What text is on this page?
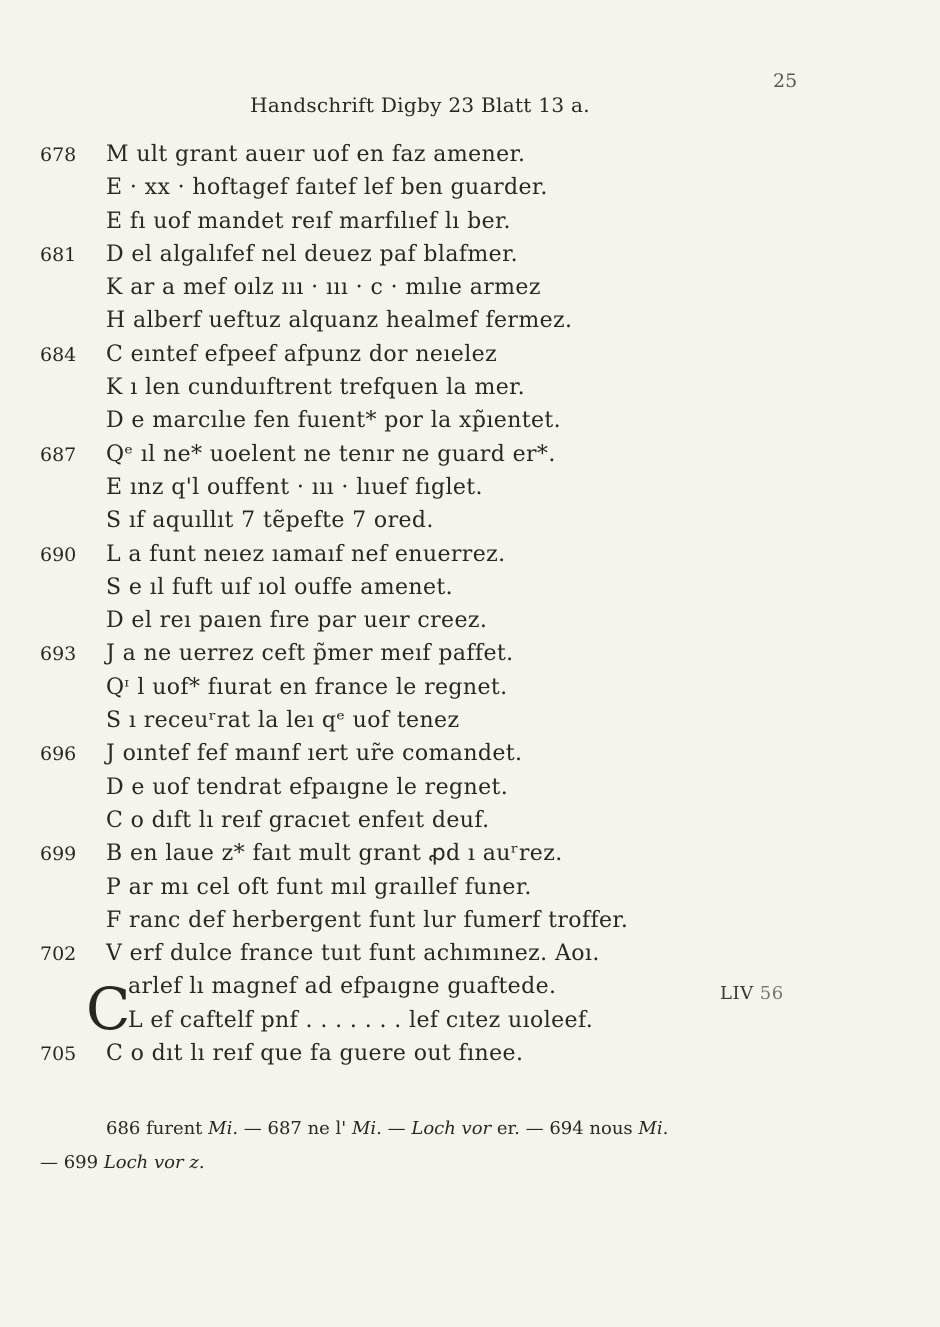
25
Handschrift Digby 23 Blatt 13 a.
678 M ult grant aueır uof en faz amener.
E · xx · hoftagef faıtef lef ben guarder.
E fı uof mandet reıf marfılıef lı ber.
681 D el algalıfef nel deuez paf blafmer.
K ar a mef oılz ııı · ııı · c · mılıe armez
H alberf ueftuz alquanz healmef fermez.
684 C eıntef efpeef afpunz dor neıelez
K ı len cunduıftrent trefquen la mer.
D e marcılıe fen fuıent* por la xp̃ıentet.
687 Qᵉ ıl ne* uoelent ne tenır ne guard er*.
E ınz q'l ouffent · ııı · lıuef fıglet.
S ıf aquıllıt 7 tẽpefte 7 ored.
690 L a funt neıez ıamaıf nef enuerrez.
S e ıl fuft uıf ıol ouffe amenet.
D el reı paıen fıre par ueır creez.
693 J a ne uerrez ceft p̃mer meıf paffet.
Qᶦ l uof* fıurat en france le regnet.
S ı receuʳrat la leı qᵉ uof tenez
696 J oıntef fef maınf ıert ur̃e comandet.
D e uof tendrat efpaıgne le regnet.
C o dıft lı reıf gracıet enfeıt deuf.
699 B en laue z* faıt mult grant ꝓd ı auʳrez.
P ar mı cel oft funt mıl graıllef funer.
F ranc def herbergent funt lur fumerf troffer.
702 V erf dulce france tuıt funt achımınez. Aoı.
arlef lı magnef ad efpaıgne guaftede.
L ef caftelf pnf . . . . . . . lef cıtez uıoleef.
705 C o dıt lı reıf que fa guere out fınee.
C	LIV 56
686 furent Mi. — 687 ne l' Mi. — Loch vor er. — 694 nous Mi.
— 699 Loch vor z.
